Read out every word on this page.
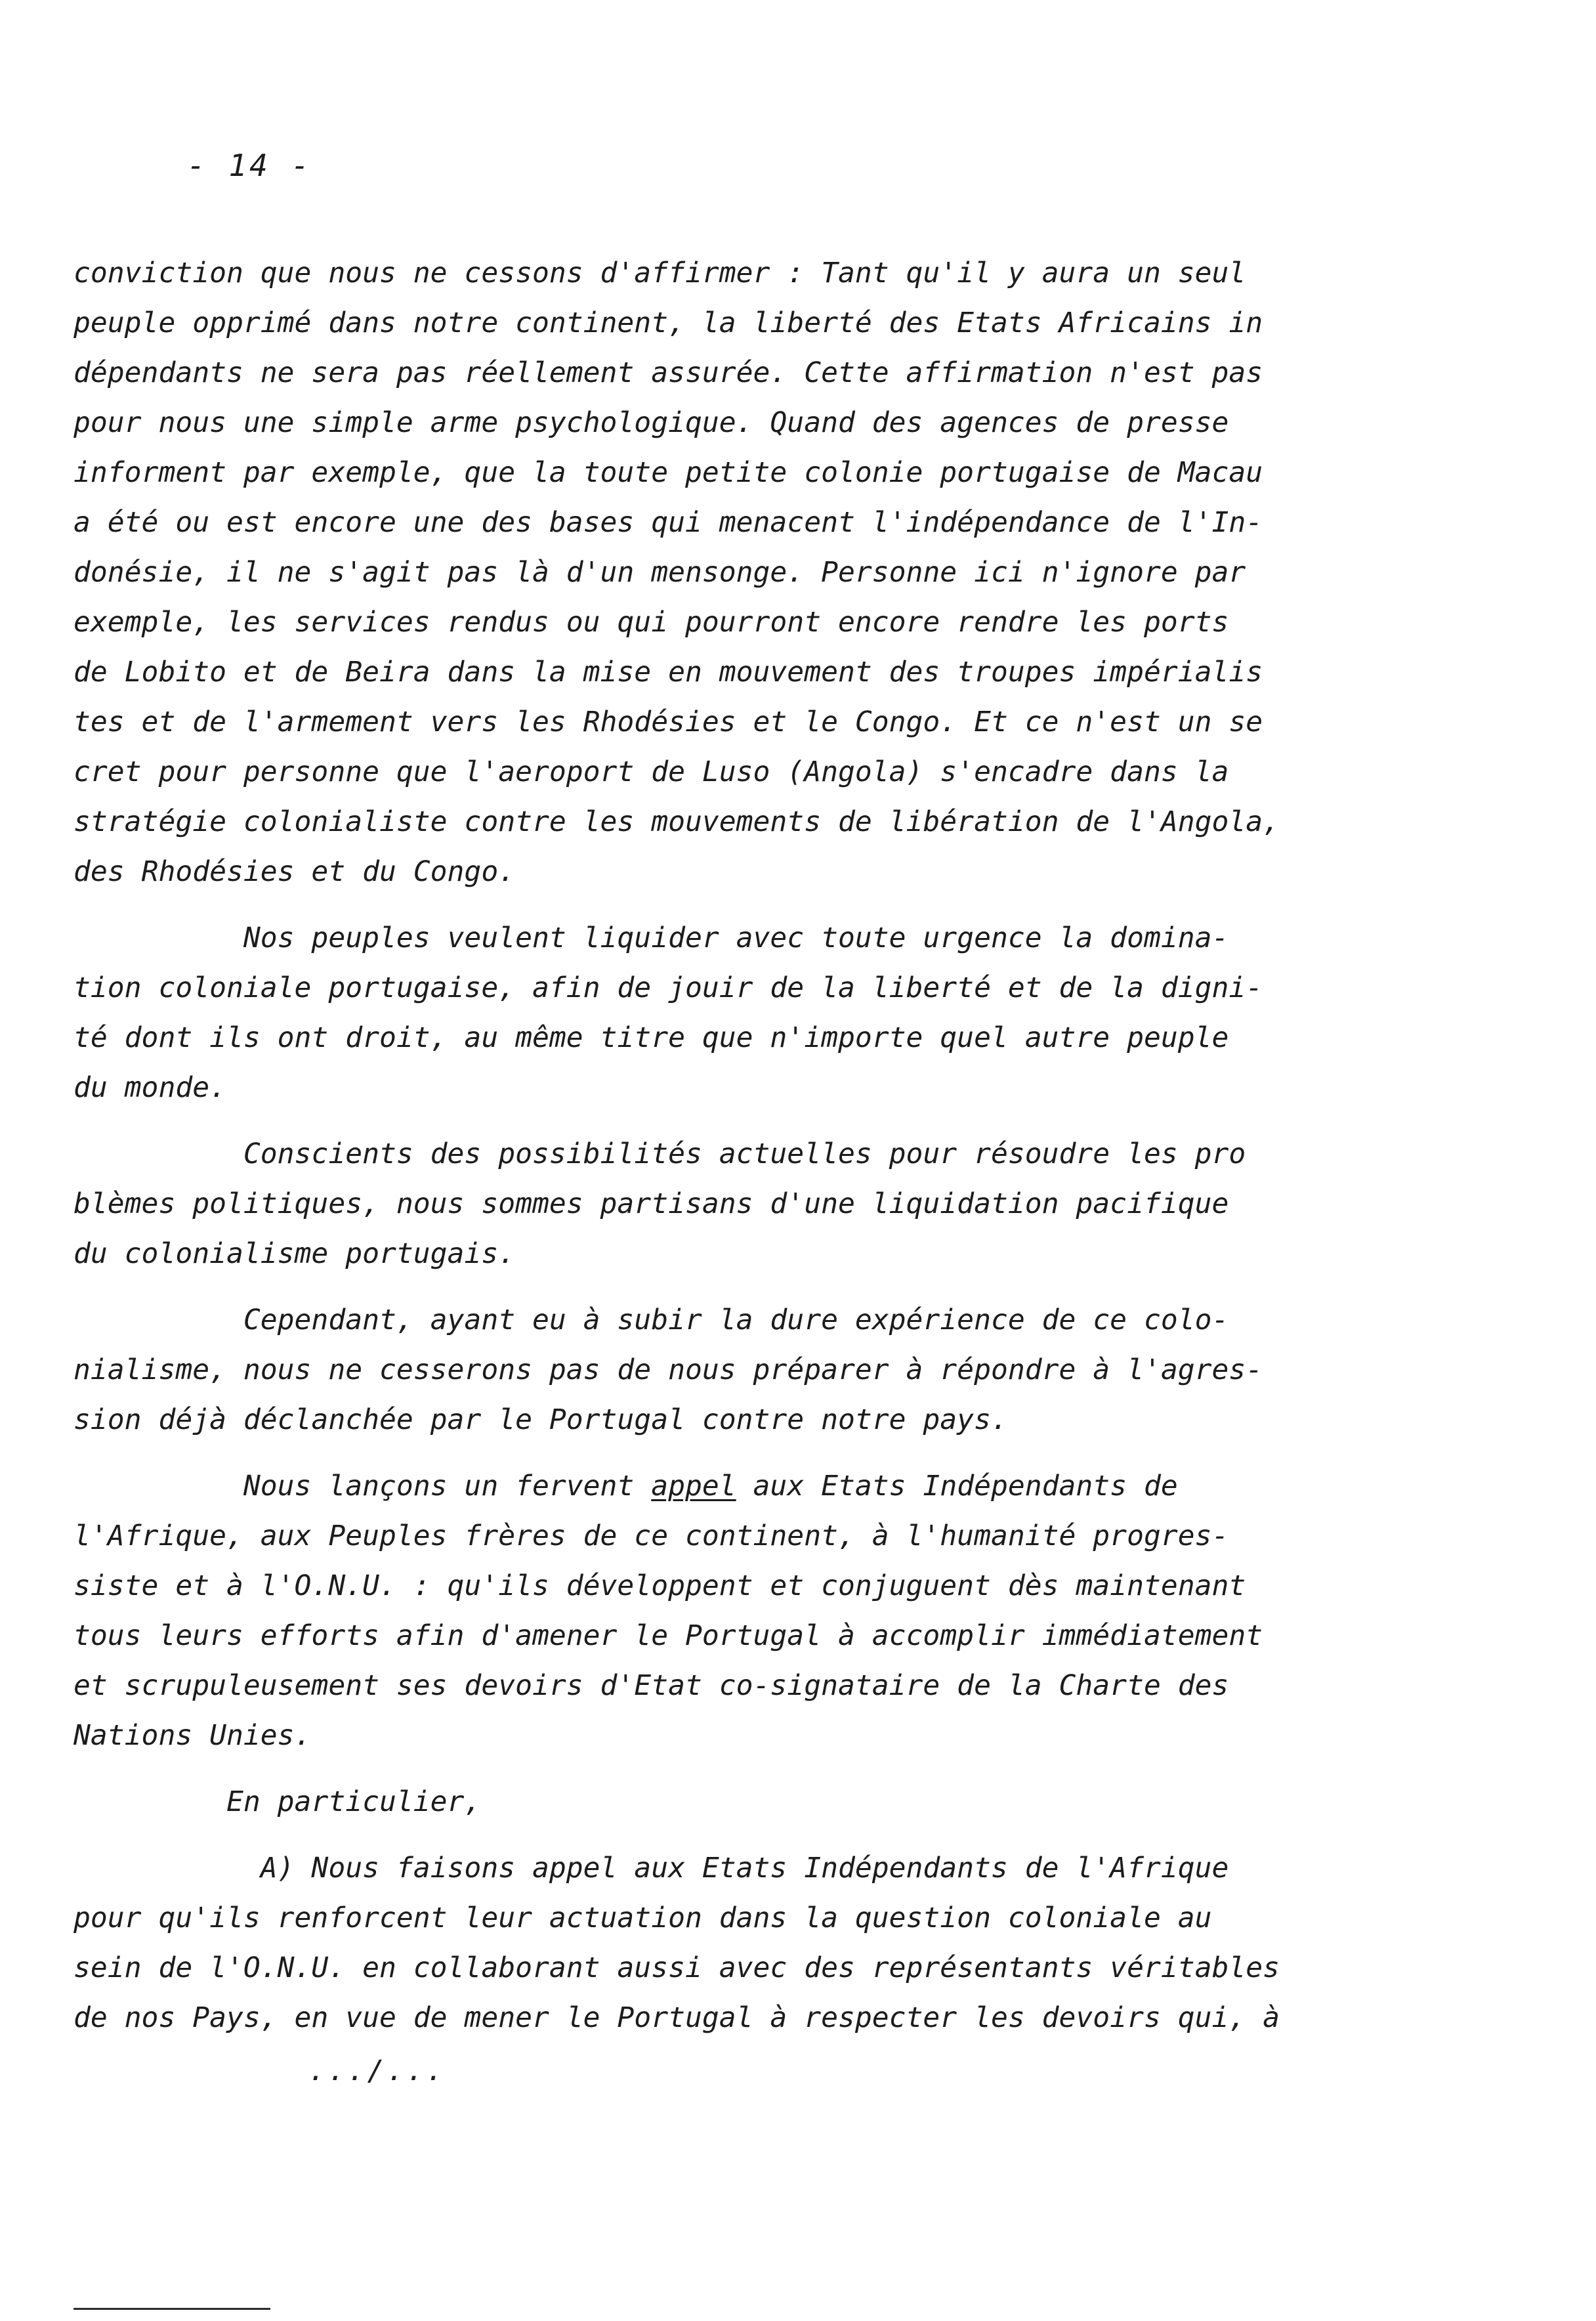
- 14 -
conviction que nous ne cessons d'affirmer : Tant qu'il y aura un seul
peuple opprimé dans notre continent, la liberté des Etats Africains in
dépendants ne sera pas réellement assurée. Cette affirmation n'est pas
pour nous une simple arme psychologique. Quand des agences de presse
informent par exemple, que la toute petite colonie portugaise de Macau
a été ou est encore une des bases qui menacent l'indépendance de l'In-
donésie, il ne s'agit pas là d'un mensonge. Personne ici n'ignore par
exemple, les services rendus ou qui pourront encore rendre les ports
de Lobito et de Beira dans la mise en mouvement des troupes impérialis
tes et de l'armement vers les Rhodésies et le Congo. Et ce n'est un se
cret pour personne que l'aeroport de Luso (Angola) s'encadre dans la
stratégie colonialiste contre les mouvements de libération de l'Angola,
des Rhodésies et du Congo.
Nos peuples veulent liquider avec toute urgence la domina-
tion coloniale portugaise, afin de jouir de la liberté et de la digni-
té dont ils ont droit, au même titre que n'importe quel autre peuple
du monde.
Conscients des possibilités actuelles pour résoudre les pro
blèmes politiques, nous sommes partisans d'une liquidation pacifique
du colonialisme portugais.
Cependant, ayant eu à subir la dure expérience de ce colo-
nialisme, nous ne cesserons pas de nous préparer à répondre à l'agres-
sion déjà déclanchée par le Portugal contre notre pays.
Nous lançons un fervent appel aux Etats Indépendants de
l'Afrique, aux Peuples frères de ce continent, à l'humanité progres-
siste et à l'O.N.U. : qu'ils développent et conjuguent dès maintenant
tous leurs efforts afin d'amener le Portugal à accomplir immédiatement
et scrupuleusement ses devoirs d'Etat co-signataire de la Charte des
Nations Unies.
En particulier,
A) Nous faisons appel aux Etats Indépendants de l'Afrique
pour qu'ils renforcent leur actuation dans la question coloniale au
sein de l'O.N.U. en collaborant aussi avec des représentants véritables
de nos Pays, en vue de mener le Portugal à respecter les devoirs qui, à
.../...
